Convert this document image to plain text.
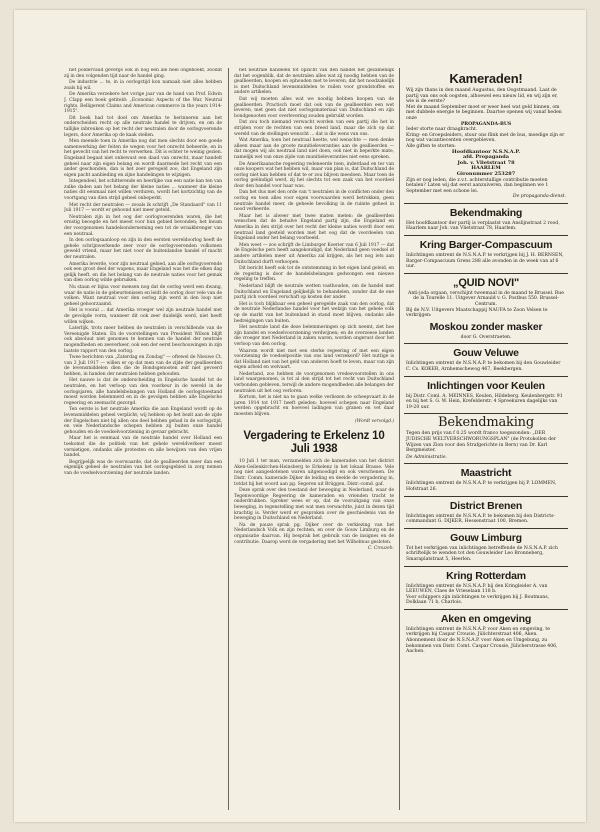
het poldervaud gevergs ook in nog een ale heel ongeboekt, zoodat zij in den volgenden tijd naar de handel ging.

De industrie ... te, in ia oorlogstijd kon namaak niet alles hebben zoals hij wil.

De Amerika verzekere het vorige jaar van de hand van Prof. Edwin J. Clapp een boek getiteld: „Economic Aspects of the War. Neutral rights. Belligerent Claims and American commerce in the years 1914-1915".

Dit boek had tot doel om Amerika te herinneren aan het onderscheiden recht op alle neutrale handel te drijven, en om de tallijke inbreuken op het recht der neutralen door de oorlogvoerende legers, door Amerika op de kaak stellen.

Men meende toen in Amerika nog dat men slechts door een goede samenwerking der feiten de wegen voor het onrecht beheerde, en in het gevecht van het recht te verwerken. Dit is echter te weinig gezien. Engeland begaat niet onbewust een daad van onrecht, maar handelt geheel naar zijn eigen belang en wordt daarmede het recht van een ander geschonden, dan is het zeer geregeld zoo, dat Engeland zijn eigen pacht aanbieding en zijne handelingen te wijzigen.

Integendeel, het schitterende en heerlijke van een natie kan ten van zulke daden aan het belang der kleine naties ... wanneer die kleine naties dit eenmaal niet willen verduren, wordt het kortzichtig van de voortgang van dien strijd geheel onbeperkt.

Met recht der neutralen — zooals ik schrijft „De Standaard" van 11 Juli 1917 — wordt er gehoond niet meer geteld.

Neutralen zijn in het oog der oorlogvoerenden waren, die het ernstig beoogde en het meest voor hun gebied bevonden; het kwam der voorgenomen handelsonderneming een tot de wraakbrenger van een neutraal.

In den oorlogsaanloop en zijn in den eersten wereldoorlog heeft de gehele schrijnwerkende zeer voor de oorlogvoerenden volkomen geweld vriend, maar het niet voor de buitenlandse handel of macht der neutralen.

Amerika leverde, voor zijn neutraal gebied, aan alle oorlogvoerende ook een groot deel der wapens, maar Engeland was het die elken dag gelijk heeft, en die het belang van de neutrale naties voor het gemak van dien oorlog wilde gebruiken.

Nu staan er bijna voor mensen nog dat de oorlog werd een dwang, waar de natie in de gebeurtenissen en leidt de oorlog door vele van de volken. Want neutraal voor den oorlog zijn werd in den loop niet geheel gehoorzaamd.

Het is vooral ... dat Amerika vroeger wel zijn neutrale handel met de gevolgde vorm, wanneer dit ook zeer duidelijk werd, niet heeft willen wijken.

Laterlijk, trots meer hebben de neutralen in verschillende van de Vereenigde Staten. En de voorstellingen van President Wilson blijft ook absoluut niet genomen te kennen van de handel der neutrale mogendheden en zeeverkeer, ook een der eerst beschouwingen in zijn laatste rapport van den oorlog.

Twee berichten van „Zaterdag en Zondag" — oftewel de Nieuwe Ct. van 2 Juli 1917 — willen er op dat men van de zijde der geallieerden de levensmiddelen dien die de Bondsgenooten zelf niet gevoerd hebben, in handen der neutralen hebben gehouden.

Het nauwe is dat de onderscheiding in Engelsche handel tot de neutralen, en het verloop van den voorkeur in de wereld in de oorlogsjaren, alle handelsbelangen van Holland de oorlogstoestand moest worden belemmerd en in de gevolgen hebben alle Engelsche regeering en zeemacht gezorgd.

Ten eerste is het neutrale Amerika die aan Engeland wordt op de levensmiddelen geheel verplicht; wij hebben op het bezit aan de zijde der Engelschen niet bij allen ons deel hebben gehad in de oorlogstijd, en vele Nederlandsche schepen hebben zij buiten onze handel gehouden en de voedselvoorziening in gevaar gebracht.

Maar het is eenmaal van de neutrale handel over Holland een toekomst die de politiek van het gehele wereldverkeer moest vernietigen, ondanks alle protesten en alle bewijzen van den vrijen handel.

Begrijpelijk was de voorwaarde, dat de geallieerden meer dan een eigenlijk geheel de neutralen van het oorlogsgebied in zorg nemen van de voedselvoorziening der neutrale landen.

het neutrale handelen tot opzicht van den handel het gezamenlijk dat het oogenblik, dat de neutralen alles wat zij noodig hebben van de geallieerden, koopen en ophouden met te leveren, dat het noodzakelijk is met Duitschland levensmiddelen te ruilen voor grondstoffen en andere artikelen.

Dat wij moeten alles wat we noodig hebben koopen van de geallieerden. Practisch moet dat ook van de geallieerden een wet leveren, met geen dat niet oorlogsmateriaal van Duitschland en zijn bondgenooten voor overlevering zouden gebruikt worden.

Dat zou toch niemand verwacht worden van een partij die het in strijden voor de rechten van een breed land, maar die zich op dat wereld van de stellingen wenscht ... dat is die wens van ons.

Wat Amerika, toen het neutraal heette, wel wenschte — men denke alleen maar aan de groote munitieleveranties aan de geallieerden — dat mogen wij als neutraal land niet doen, ook niet in beperkte mate, namelijk wel van onze zijde van munitieleveranties niet eens spreken.

De Amerikaansche regeering redeneerde toen, inderdaad en ter van onze koopers wat het hebben wil, maar van plan is, dat Duitschland de oorlog niet kan hebben of dat te er zou blijven meedoen. Maar toen de oorlog geëindigd werd, zij het slechts tot een zaak van het voordeel door den handel voor haar was.

Dan het dus met den orde van 't neutralen in de conflicten onder den oorlog en toen alles voor eigen voorwaarden werd betrokken, geen neutrale handel meer, de geheele bevolking in de ruimte geheel in nood verkeerde.

Maar het is alweer met twee maten meten: de geallieerden wenschen dat de behalve Engeland partij zijn, die Engeland en Amerika in den strijd over het recht der kleine naties wordt door een neutraal land gesteld worden met het oog dat de voordeelen van Engeland onder het belang voorbeeld.

Men weet — zoo schrijft de Limburger Koerier van 6 Juli 1917 — dat de Engelsche pers heeft aangekondigd, dat Nederland geen voedsel of andere artikelen meer uit Amerika zal krijgen, als het nog iets aan Duitschland durft verkoopen.

Dit bericht heeft ook tot de ontstemming in het eigen land geleid, en de regering is door de handelsbelangen gedwongen een nieuwe regeling te treffen.

Nederland blijft de neutrale wetten vasthouden, om de handel met Duitschland en Engeland gelijkelijk te behandelen, zonder dat de ene partij zich voordeel verschaft op kosten der ander.

Het is toch blijkbaar een geheel geregelde zaak van den oorlog, dat de neutrale Nederlandse handel voor het welzijn van het gehele volk op de markt van het buitenland in stand moet blijven, ondanks alle bedreigingen van buiten.

Het neutrale land die deze belemmeringen op zich neemt, ziet hoe zijn handel en voedselvoorziening verdwijnen; en de overzeese landen die vroeger met Nederland in zaken waren, worden ongerust door het verloop van den oorlog.

Waarom wordt niet met een sterke regeering of met een eigen voorziening de voedselpositie van ons land verzekerd? Het nuttige is dat Holland niet van het geld van anderen hoeft te leven, maar van zijn eigen arbeid en welvaart.

Nederland, zoo hebben de voorgenomen vredesvoorstellen in ons land waargenomen, is tot al den strijd tot het recht van Duitschland verbonden gebleven, terwijl de andere mogendheden alle belangen der neutralen uit het oog verloren.

Kortom, het is niet na te gaan welke verliezen de scheepvaart in de jaren 1914 tot 1917 heeft geleden; hoeveel schepen naar Engeland werden opgebracht en hoeveel ladingen van granen en vet daar moesten blijven.

(Wordt vervolgd.)

Vergadering te Erkelenz 10 Juli 1938

10 Juli 1 ter man, verzamelden zich de kameraden van het district Aken-Geilenkirchen-Heinsberg te Erkelenz in het lokaal Brasse. Vele nog niet aangeslotenen waren uitgenoodigd en ook verschenen. De Distr. Comm. kamerade Dijker de leiding en deelde de vergadering in, totdat hij het woord aan pg. Segeren uit Brüggen, Distr.-comd. gaf.

Deze sprak over den toestand der beweging in Nederland, waar de Tegenwoordige Regeering de kameraden en vrienden tracht te onderdrukken. Spreker wees er op, dat de vooruitgang van onze beweging, in tegenstelling met wat men verwachtte, juist in dezen tijd krachtig is. Verder werd er gesproken over de geschiedenis van de beweging in Duitschland en Nederland.

Na de pauze sprak pg. Dijker over de verkiezing van het Nederlandsch Volk en zijn rechten, en over de Gouw Limburg en de organisatie daarvan. Hij besprak het gebruik van de insignes en de contributie. Daarop werd de vergadering met het Wilhelmus gesloten.

C. Crouzeh.

Kameraden!

Wij zijn thans in den maand Augustus, den Oogstmaand. Laat de partij van ons ook oogsten, alhoewel eeu nieuw lid, en wij zijn er, wie is de eerste?

Met de maand September moet er weer heel wat geld binnen, om met dubbele energie te beginnen. Daartoe openen wij vanaf heden onze

PROPAGANDA-BUS

Ieder storte naar draagkracht.

Kring- en Groepsleiders, stuur ons flink met de bus, moedige zijn er nog wat vacantiecenten overgebleven.

Alle giften te storten:

Hoofdkantoor N.S.N.A.P.

afd. Propaganda

Joh. v. Vlietstraat 78

HAARLEM

Gironummer 253287

Zijn er nog leden, die z.v.t. achterstallige contributie moeten betalen? Laten wij dat eerst aanzuiveren, dan beginnen we 1 September met een schone lei.

De propaganda-dienst.

Bekendmaking
Het hoofdkantoor der partij is verplaatst van Anslijnstraat 2 rood, Haarlem naar Joh. van Vlietstraat 78, Haarlem.
Kring Barger-Compascuum
Inlichtingen omtrent de N.S.N.A.P. te verkrijgen bij J. H. BERNSEN, Barger-Compascuum Grens 288 alle avonden in de week van af 6 uur.
„QUID NOVI"
Anti-joda orgaan, verschijnt tweemaal in de maand te Brussel. Rue de la Tourelle 11. Uitgever Arnauld v. G. Postbus 550. Brussel-Centrum.
Bij de N.V. Uitgevers Maatschappij NAUFA te Zoon Velsen te verkrijgen:
Moskou zonder masker
door G. Overstraeten.
Gouw Veluwe
Inlichtingen omtrent de N.S.N.A.P. te bekomen bij den Gouwleider C. Cs. KOKER, Arnhemschewog 467, Beekbergen.
Inlichtingen voor Keulen
bij Distr. Coml. A. MEINNES, Keulen, Hildeberg. Keulenbergstr. 91 en bij het S. G. W. Hein, Krefelderstr. 4 Spreekuren dagelijks van 19-20 uur.
Bekendmaking
Tegen den prijs van f 0.25 wordt franco toegezonden: „DER JUDISCHE WELTVERSCHWORUNGSPLAN" (de Protokollen der Wijzen van Zion voor den Strafgerichte in Bern) van Dr. Karl Bergmeister.
De Administratie.
Maastricht
Inlichtingen omtrent de N.S.N.A.P. te verkrijgen bij P. LOMMEN, Hofstraat 26.
District Brenen
Inlichtingen omtrent de N.S.N.A.P. te bekomen bij den Districts-commandant G. DIJKER, Hessenstraat 100, Bremen.
Gouw Limburg
Tot het verkrijgen van inlichtingen betreffende de N.S.N.A.P. zich schriftelijk te wenden tot den Gouwleider Leo Bronneberg, Smaraplatstraat 5, Heerlen.
Kring Rotterdam
Inlichtingen omtrent de N.S.N.A.P. bij den Kringleider A. van LEEUWEN, Claes de Vrieselaan 118 b.
Voor schippers zijn inlichtingen te verkrijgen bij J. Boutmans, Dolklaan 71 b, Charlois.
Aken en omgeving
Inlichtingen omtrent de N.S.N.A.P. voor Aken en omgeving, te verkrijgen bij Caspar Crousie, Jülichterstraat 406, Aken.
Abonnement dour de N.S.N.A.P. voor Aken en Umgebung, zu bekommen von Distr. Comt. Caspar Crousie, Jülicherstrasse 406, Aachen.
